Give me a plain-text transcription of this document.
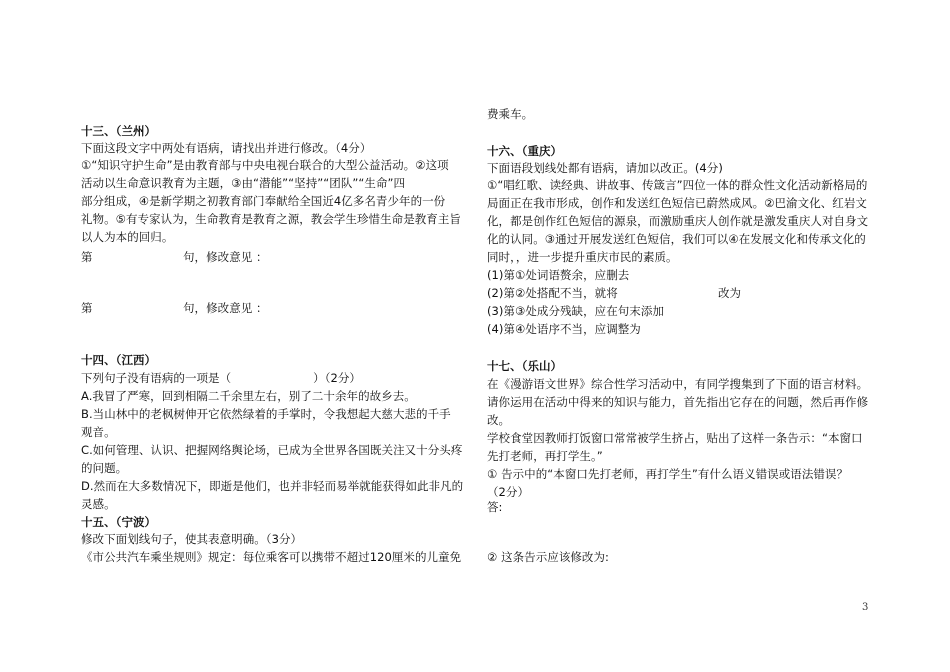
十三、（兰州）
下面这段文字中两处有语病，请找出并进行修改。（4分）
①“知识守护生命”是由教育部与中央电视台联合的大型公益活动。②这项
活动以生命意识教育为主题，③由“潜能”“坚持”“团队”“生命”四
部分组成，④是新学期之初教育部门奉献给全国近4亿多名青少年的一份
礼物。⑤有专家认为，生命教育是教育之源，教会学生珍惜生命是教育主旨
以人为本的回归。
第	句，修改意见 ：
第	句，修改意见 ：
十四、（江西）
下列句子没有语病的一项是（	）（2分）
A.我冒了严寒，回到相隔二千余里左右，别了二十余年的故乡去。
B.当山林中的老枫树伸开它依然绿着的手掌时，令我想起大慈大悲的千手
观音。
C.如何管理、认识、把握网络舆论场，已成为全世界各国既关注又十分头疼
的问题。
D.然而在大多数情况下，即逝是他们，也并非轻而易举就能获得如此非凡的
灵感。
十五、（宁波）
修改下面划线句子，使其表意明确。（3分）
《市公共汽车乘坐规则》规定：每位乘客可以携带不超过120厘米的儿童免
费乘车。
十六、（重庆）
下面语段划线处都有语病，请加以改正。(4分)
①“唱红歌、读经典、讲故事、传箴言”四位一体的群众性文化活动新格局的
局面正在我市形成，创作和发送红色短信已蔚然成风。②巴渝文化、红岩文
化，都是创作红色短信的源泉，而激励重庆人创作就是激发重庆人对自身文
化的认同。③通过开展发送红色短信，我们可以④在发展文化和传承文化的
同时，，进一步提升重庆市民的素质。
(1)第①处词语赘余，应删去
(2)第②处搭配不当，就将	改为
(3)第③处成分残缺，应在句末添加
(4)第④处语序不当，应调整为
十七、（乐山）
在《漫游语文世界》综合性学习活动中，有同学搜集到了下面的语言材料。
请你运用在活动中得来的知识与能力，首先指出它存在的问题，然后再作修
改。
学校食堂因教师打饭窗口常常被学生挤占，贴出了这样一条告示：“本窗口
先打老师，再打学生。”
① 告示中的“本窗口先打老师，再打学生”有什么语义错误或语法错误？
（2分）
答:
② 这条告示应该修改为:
3
